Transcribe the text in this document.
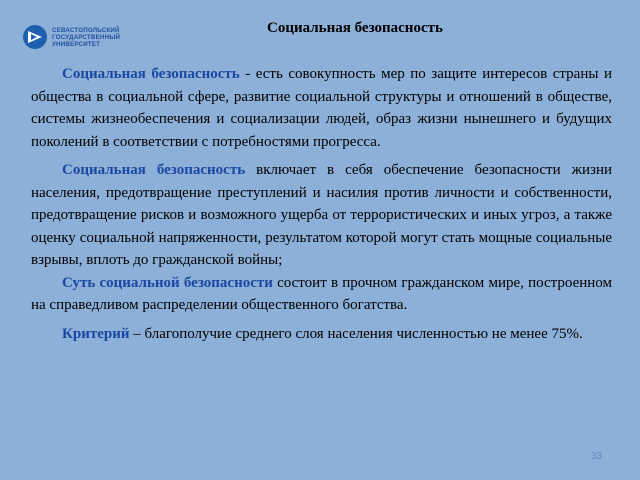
СЕВАСТОПОЛЬСКИЙ
ГОСУДАРСТВЕННЫЙ
УНИВЕРСИТЕТ
Социальная безопасность

Социальная безопасность - есть совокупность мер по защите интересов страны и общества в социальной сфере, развитие социальной структуры и отношений в обществе, системы жизнеобеспечения и социализации людей, образ жизни нынешнего и будущих поколений в соответствии с потребностями прогресса.

Социальная безопасность включает в себя обеспечение безопасности жизни населения, предотвращение преступлений и насилия против личности и собственности, предотвращение рисков и возможного ущерба от террористических и иных угроз, а также оценку социальной напряженности, результатом которой могут стать мощные социальные взрывы, вплоть до гражданской войны;

Суть социальной безопасности состоит в прочном гражданском мире, построенном на справедливом распределении общественного богатства.

Критерий – благополучие среднего слоя населения численностью не менее 75%.

33
